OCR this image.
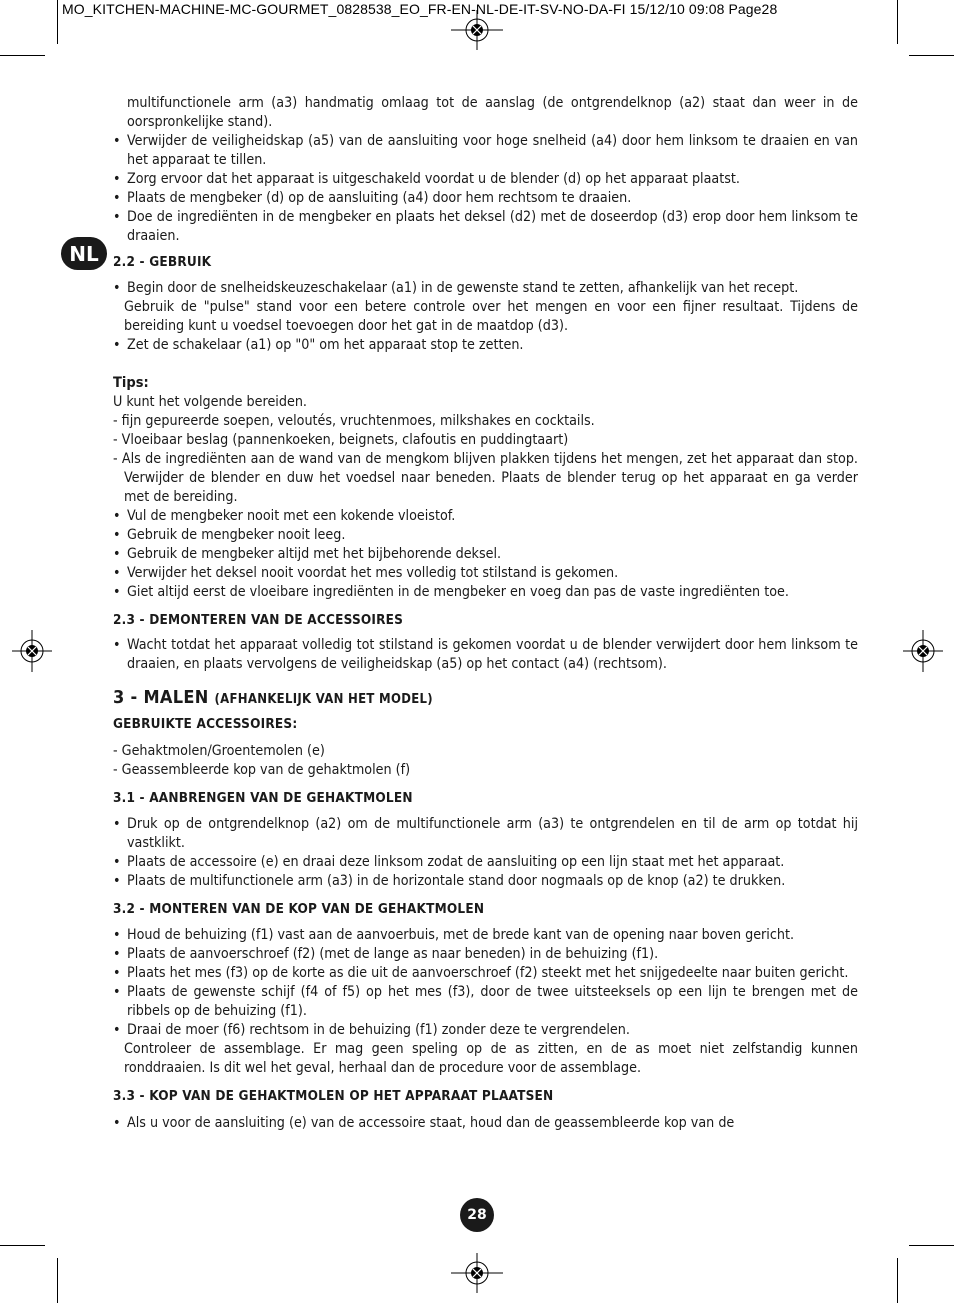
MO_KITCHEN-MACHINE-MC-GOURMET_0828538_EO_FR-EN-NL-DE-IT-SV-NO-DA-FI 15/12/10 09:08 Page28
NL

multifunctionele arm (a3) handmatig omlaag tot de aanslag (de ontgrendelknop (a2) staat dan weer in de oorspronkelijke stand).

• Verwijder de veiligheidskap (a5) van de aansluiting voor hoge snelheid (a4) door hem linksom te draaien en van het apparaat te tillen.

• Zorg ervoor dat het apparaat is uitgeschakeld voordat u de blender (d) op het apparaat plaatst.

• Plaats de mengbeker (d) op de aansluiting (a4) door hem rechtsom te draaien.

• Doe de ingrediënten in de mengbeker en plaats het deksel (d2) met de doseerdop (d3) erop door hem linksom te draaien.

2.2 - GEBRUIK

• Begin door de snelheidskeuzeschakelaar (a1) in de gewenste stand te zetten, afhankelijk van het recept.

Gebruik de "pulse" stand voor een betere controle over het mengen en voor een fijner resultaat. Tijdens de bereiding kunt u voedsel toevoegen door het gat in de maatdop (d3).

• Zet de schakelaar (a1) op "0" om het apparaat stop te zetten.

Tips:

U kunt het volgende bereiden.

- fijn gepureerde soepen, veloutés, vruchtenmoes, milkshakes en cocktails.

- Vloeibaar beslag (pannenkoeken, beignets, clafoutis en puddingtaart)

- Als de ingrediënten aan de wand van de mengkom blijven plakken tijdens het mengen, zet het apparaat dan stop. Verwijder de blender en duw het voedsel naar beneden. Plaats de blender terug op het apparaat en ga verder met de bereiding.

• Vul de mengbeker nooit met een kokende vloeistof.

• Gebruik de mengbeker nooit leeg.

• Gebruik de mengbeker altijd met het bijbehorende deksel.

• Verwijder het deksel nooit voordat het mes volledig tot stilstand is gekomen.

• Giet altijd eerst de vloeibare ingrediënten in de mengbeker en voeg dan pas de vaste ingrediënten toe.

2.3 - DEMONTEREN VAN DE ACCESSOIRES

• Wacht totdat het apparaat volledig tot stilstand is gekomen voordat u de blender verwijdert door hem linksom te draaien, en plaats vervolgens de veiligheidskap (a5) op het contact (a4) (rechtsom).

3 - MALEN (AFHANKELIJK VAN HET MODEL)
GEBRUIKTE ACCESSOIRES:

- Gehaktmolen/Groentemolen (e)

- Geassembleerde kop van de gehaktmolen (f)

3.1 - AANBRENGEN VAN DE GEHAKTMOLEN

• Druk op de ontgrendelknop (a2) om de multifunctionele arm (a3) te ontgrendelen en til de arm op totdat hij vastklikt.

• Plaats de accessoire (e) en draai deze linksom zodat de aansluiting op een lijn staat met het apparaat.

• Plaats de multifunctionele arm (a3) in de horizontale stand door nogmaals op de knop (a2) te drukken.

3.2 - MONTEREN VAN DE KOP VAN DE GEHAKTMOLEN

• Houd de behuizing (f1) vast aan de aanvoerbuis, met de brede kant van de opening naar boven gericht.

• Plaats de aanvoerschroef (f2) (met de lange as naar beneden) in de behuizing (f1).

• Plaats het mes (f3) op de korte as die uit de aanvoerschroef (f2) steekt met het snijgedeelte naar buiten gericht.

• Plaats de gewenste schijf (f4 of f5) op het mes (f3), door de twee uitsteeksels op een lijn te brengen met de ribbels op de behuizing (f1).

• Draai de moer (f6) rechtsom in de behuizing (f1) zonder deze te vergrendelen.

Controleer de assemblage. Er mag geen speling op de as zitten, en de as moet niet zelfstandig kunnen ronddraaien. Is dit wel het geval, herhaal dan de procedure voor de assemblage.

3.3 - KOP VAN DE GEHAKTMOLEN OP HET APPARAAT PLAATSEN

• Als u voor de aansluiting (e) van de accessoire staat, houd dan de geassembleerde kop van de

28
